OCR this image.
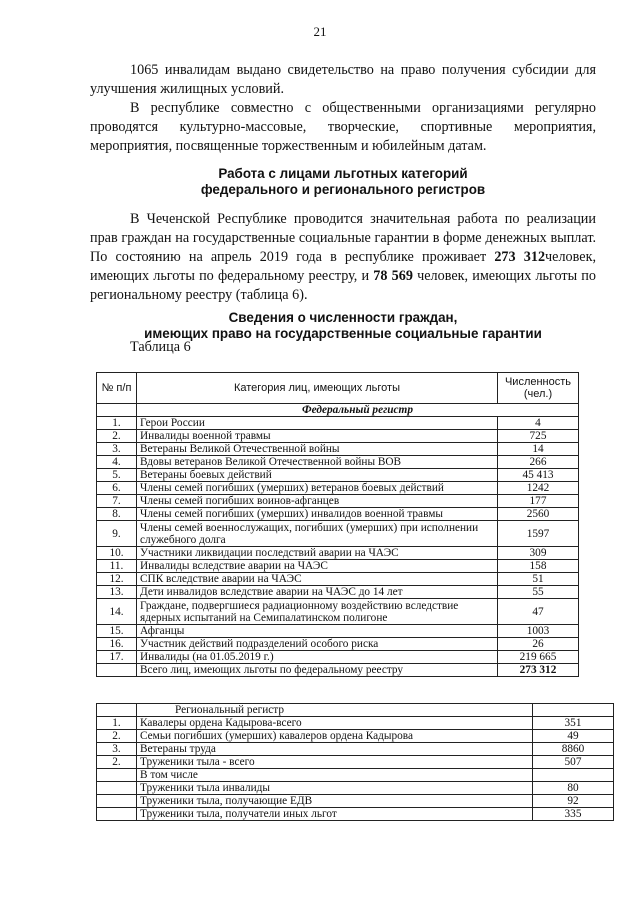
21

1065 инвалидам выдано свидетельство на право получения субсидии для улучшения жилищных условий.

В республике совместно с общественными организациями регулярно проводятся культурно-массовые, творческие, спортивные мероприятия, мероприятия, посвященные торжественным и юбилейным датам.

Работа с лицами льготных категорий
федерального и регионального регистров

В Чеченской Республике проводится значительная работа по реализации прав граждан на государственные социальные гарантии в форме денежных выплат. По состоянию на апрель 2019 года в республике проживает 273 312человек, имеющих льготы по федеральному реестру, и 78 569 человек, имеющих льготы по региональному реестру (таблица 6).

Сведения о численности граждан,
имеющих право на государственные социальные гарантии
Таблица 6
№ п/п	Категория лиц, имеющих льготы	Численность (чел.)
	Федеральный регистр	
1.	Герои России	4
2.	Инвалиды военной травмы	725
3.	Ветераны Великой Отечественной войны	14
4.	Вдовы ветеранов Великой Отечественной войны ВОВ	266
5.	Ветераны боевых действий	45 413
6.	Члены семей погибших (умерших) ветеранов боевых действий	1242
7.	Члены семей погибших воинов-афганцев	177
8.	Члены семей погибших (умерших) инвалидов военной травмы	2560
9.	Члены семей военнослужащих, погибших (умерших) при исполнении служебного долга	1597
10.	Участники ликвидации последствий аварии на ЧАЭС	309
11.	Инвалиды вследствие аварии на ЧАЭС	158
12.	СПК вследствие аварии на ЧАЭС	51
13.	Дети инвалидов вследствие аварии на ЧАЭС до 14 лет	55
14.	Граждане, подвергшиеся радиационному воздействию вследствие ядерных испытаний на Семипалатинском полигоне	47
15.	Афганцы	1003
16.	Участник действий подразделений особого риска	26
17.	Инвалиды (на 01.05.2019 г.)	219 665
	Всего лиц, имеющих льготы по федеральному реестру	273 312
	Региональный регистр	
1.	Кавалеры ордена Кадырова-всего	351
2.	Семьи погибших (умерших) кавалеров ордена Кадырова	49
3.	Ветераны труда	8860
2.	Труженики тыла - всего	507
	В том числе	
	Труженики тыла инвалиды	80
	Труженики тыла, получающие ЕДВ	92
	Труженики тыла, получатели иных льгот	335
